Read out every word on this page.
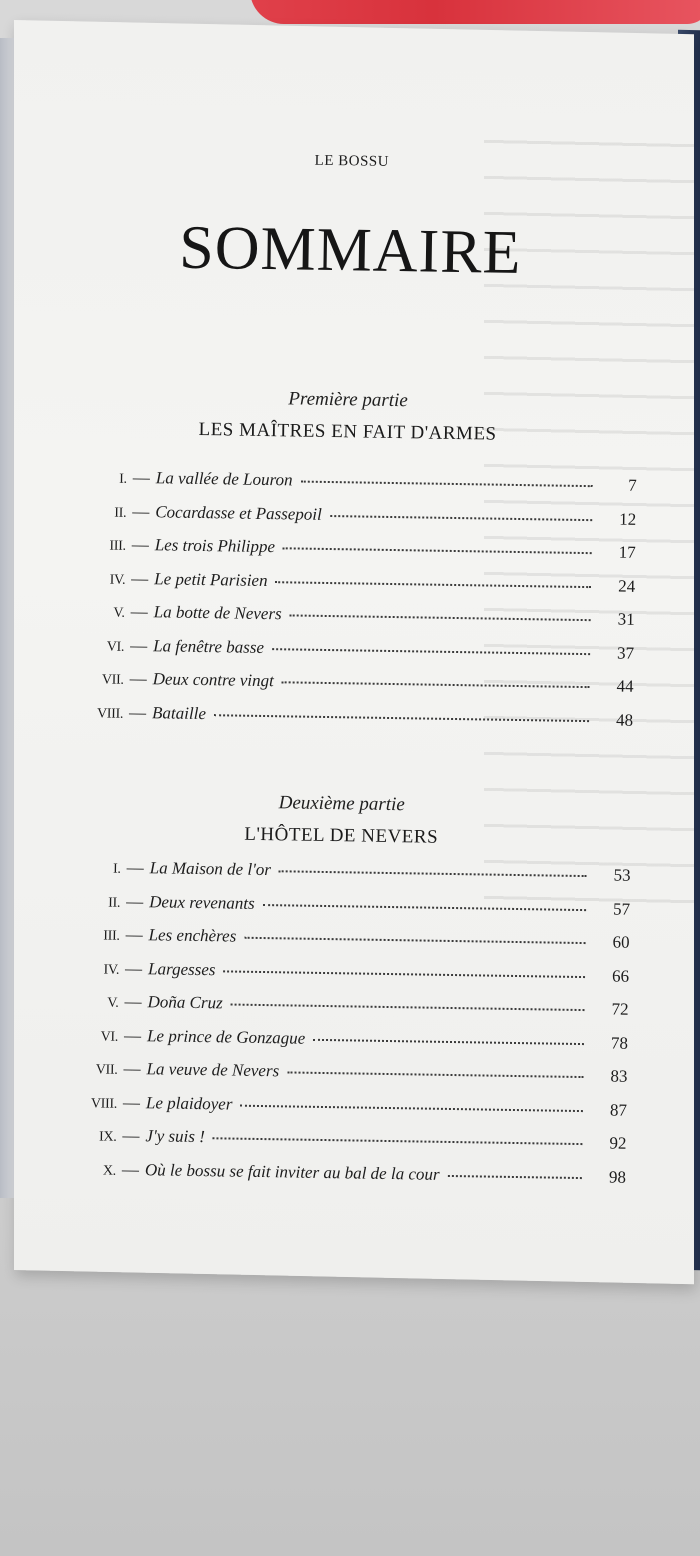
LE BOSSU
SOMMAIRE
Première partie
LES MAÎTRES EN FAIT D'ARMES
I. — La vallée de Louron	7
II. — Cocardasse et Passepoil	12
III. — Les trois Philippe	17
IV. — Le petit Parisien	24
V. — La botte de Nevers	31
VI. — La fenêtre basse	37
VII. — Deux contre vingt	44
VIII. — Bataille	48
Deuxième partie
L'HÔTEL DE NEVERS
I. — La Maison de l'or	53
II. — Deux revenants	57
III. — Les enchères	60
IV. — Largesses	66
V. — Doña Cruz	72
VI. — Le prince de Gonzague	78
VII. — La veuve de Nevers	83
VIII. — Le plaidoyer	87
IX. — J'y suis !	92
X. — Où le bossu se fait inviter au bal de la cour	98
